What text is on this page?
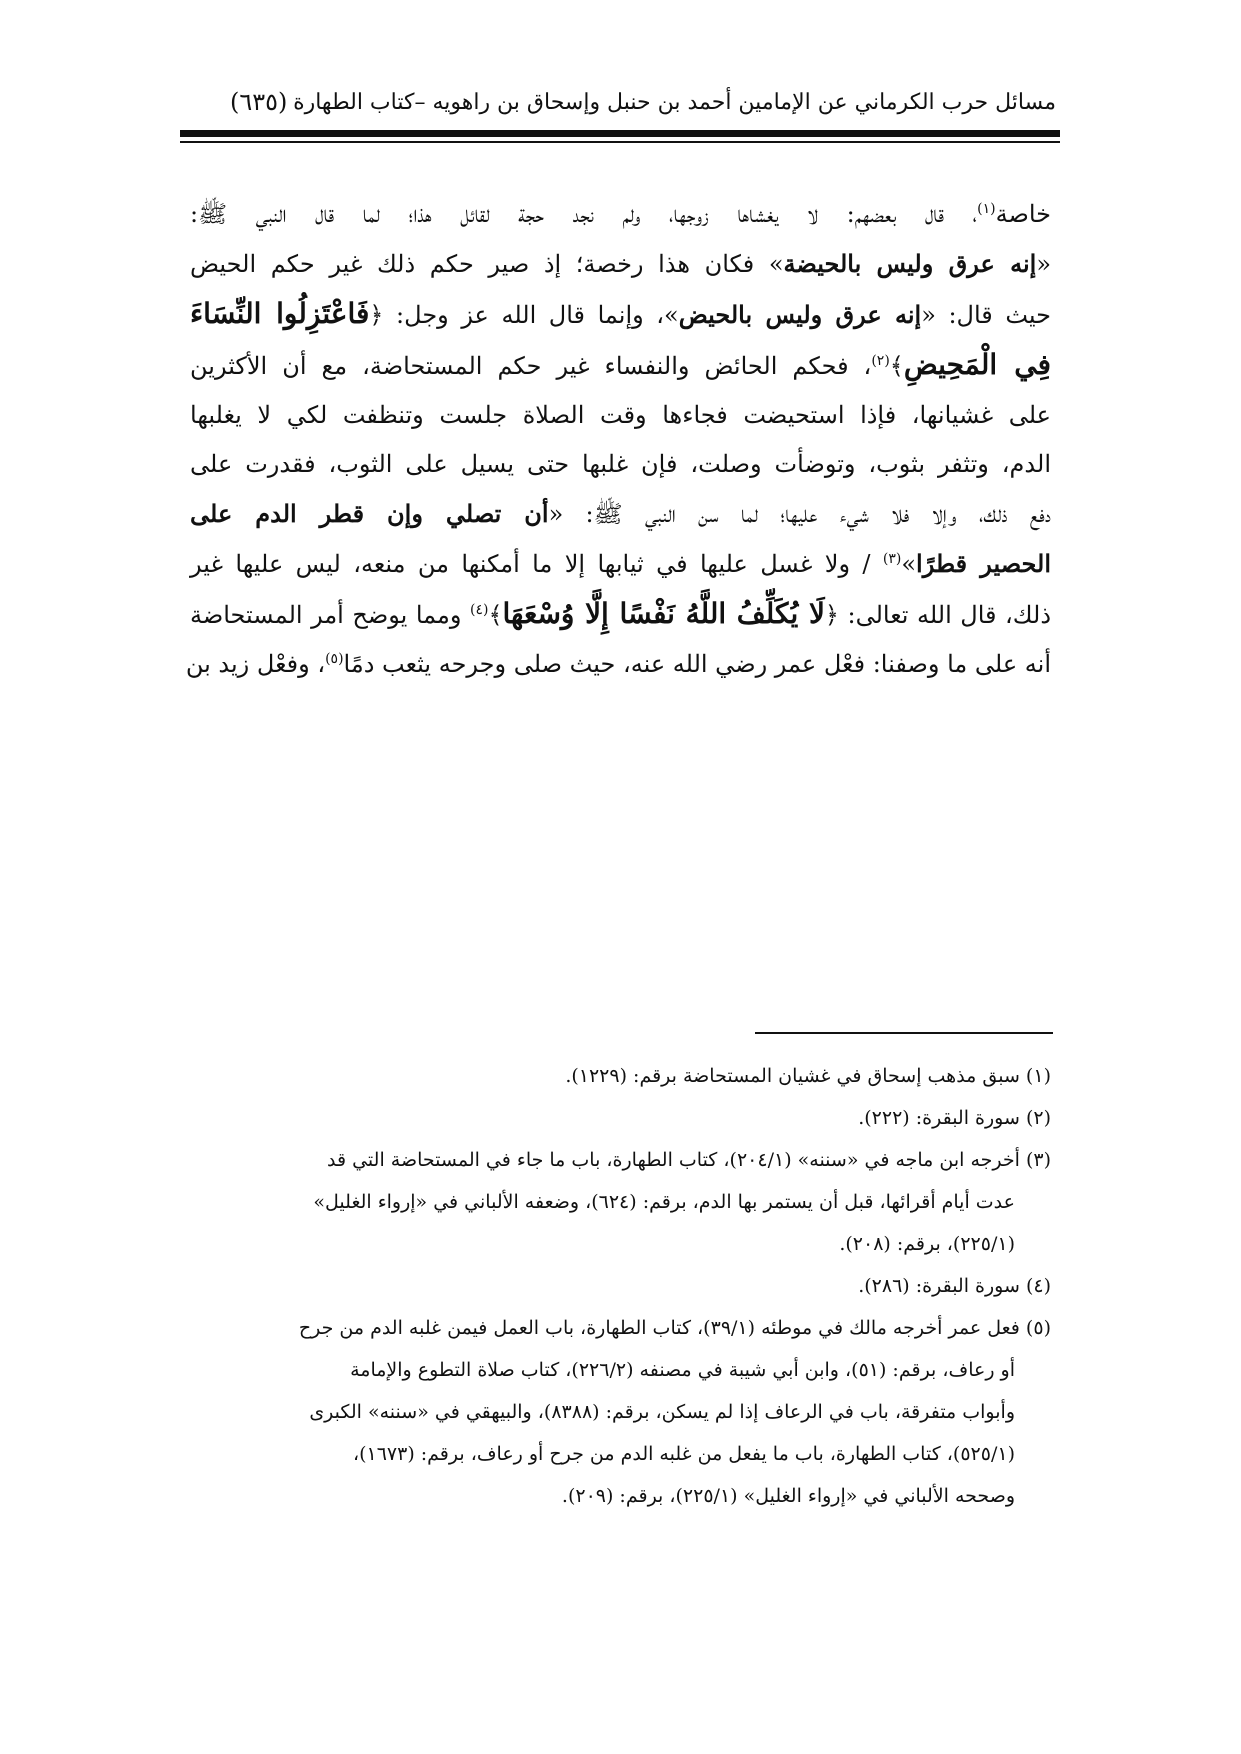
مسائل حرب الكرماني عن الإمامين أحمد بن حنبل وإسحاق بن راهويه –كتاب الطهارة
(٦٣٥)

خاصة$^{(١)}$، قال بعضهم: لا يغشاها زوجها، ولم نجد حجة لقائل هذا؛ لما قال النبي ﷺ:

«إنه عرق وليس بالحيضة» فكان هذا رخصة؛ إذ صير حكم ذلك غير حكم الحيض

حيث قال: «إنه عرق وليس بالحيض»، وإنما قال الله عز وجل: ﴿فَاعْتَزِلُوا النِّسَاءَ

فِي الْمَحِيضِ﴾$^{(٢)}$، فحكم الحائض والنفساء غير حكم المستحاضة، مع أن الأكثرين

على غشيانها، فإذا استحيضت فجاءها وقت الصلاة جلست وتنظفت لكي لا يغلبها

الدم، وتثفر بثوب، وتوضأت وصلت، فإن غلبها حتى يسيل على الثوب، فقدرت على

دفع ذلك، وإلا فلا شيء عليها؛ لما سن النبي ﷺ: «أن تصلي وإن قطر الدم على

الحصير قطرًا»$^{(٣)}$ / ولا غسل عليها في ثيابها إلا ما أمكنها من منعه، ليس عليها غير

ذلك، قال الله تعالى: ﴿لَا يُكَلِّفُ اللَّهُ نَفْسًا إِلَّا وُسْعَهَا﴾$^{(٤)}$ ومما يوضح أمر المستحاضة

أنه على ما وصفنا: فعْل عمر رضي الله عنه، حيث صلى وجرحه يثعب دمًا$^{(٥)}$، وفعْل زيد بن

(١) سبق مذهب إسحاق في غشيان المستحاضة برقم: (١٢٢٩).

(٢) سورة البقرة: (٢٢٢).

(٣) أخرجه ابن ماجه في «سننه» (٢٠٤/١)، كتاب الطهارة، باب ما جاء في المستحاضة التي قد

عدت أيام أقرائها، قبل أن يستمر بها الدم، برقم: (٦٢٤)، وضعفه الألباني في «إرواء الغليل»

(٢٢٥/١)، برقم: (٢٠٨).

(٤) سورة البقرة: (٢٨٦).

(٥) فعل عمر أخرجه مالك في موطئه (٣٩/١)، كتاب الطهارة، باب العمل فيمن غلبه الدم من جرح

أو رعاف، برقم: (٥١)، وابن أبي شيبة في مصنفه (٢٢٦/٢)، كتاب صلاة التطوع والإمامة

وأبواب متفرقة، باب في الرعاف إذا لم يسكن، برقم: (٨٣٨٨)، والبيهقي في «سننه» الكبرى

(٥٢٥/١)، كتاب الطهارة، باب ما يفعل من غلبه الدم من جرح أو رعاف، برقم: (١٦٧٣)،

وصححه الألباني في «إرواء الغليل» (٢٢٥/١)، برقم: (٢٠٩).
